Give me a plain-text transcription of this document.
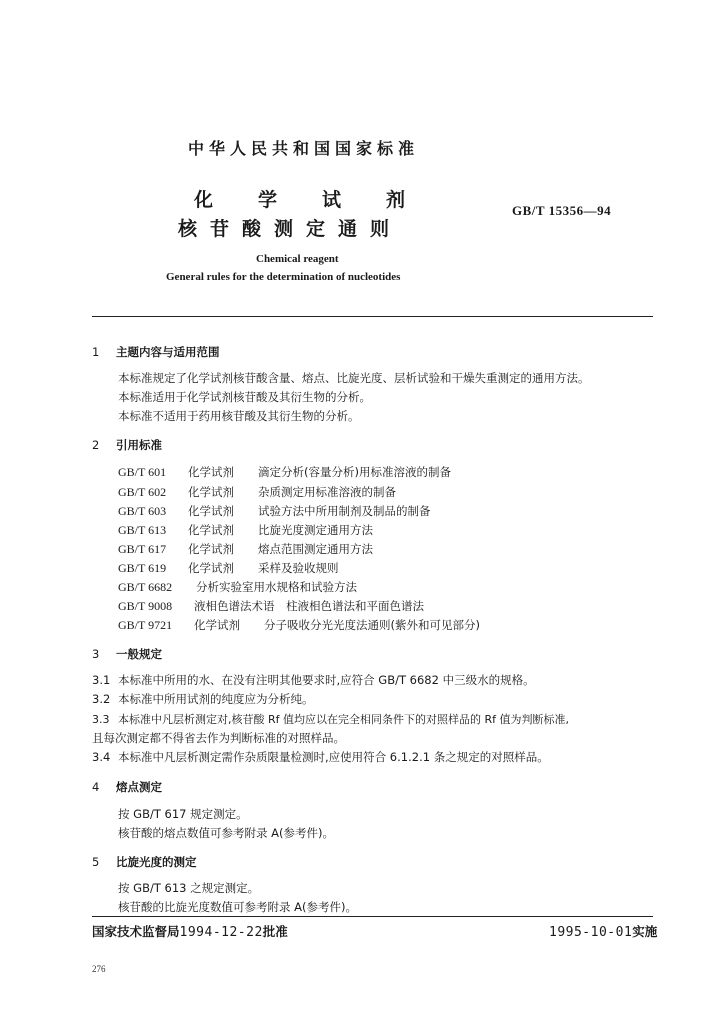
中华人民共和国国家标准
化 学 试 剂
核苷酸测定通则
GB/T 15356—94
Chemical reagent
General rules for the determination of nucleotides
1 主题内容与适用范围
本标准规定了化学试剂核苷酸含量、熔点、比旋光度、层析试验和干燥失重测定的通用方法。
本标准适用于化学试剂核苷酸及其衍生物的分析。
本标准不适用于药用核苷酸及其衍生物的分析。
2 引用标准
GB/T 601 化学试剂 滴定分析(容量分析)用标准溶液的制备
GB/T 602 化学试剂 杂质测定用标准溶液的制备
GB/T 603 化学试剂 试验方法中所用制剂及制品的制备
GB/T 613 化学试剂 比旋光度测定通用方法
GB/T 617 化学试剂 熔点范围测定通用方法
GB/T 619 化学试剂 采样及验收规则
GB/T 6682 分析实验室用水规格和试验方法
GB/T 9008 液相色谱法术语　柱液相色谱法和平面色谱法
GB/T 9721 化学试剂 分子吸收分光光度法通则(紫外和可见部分)
3 一般规定
3.1 本标准中所用的水、在没有注明其他要求时,应符合 GB/T 6682 中三级水的规格。
3.2 本标准中所用试剂的纯度应为分析纯。
3.3 本标准中凡层析测定对,核苷酸 Rf 值均应以在完全相同条件下的对照样品的 Rf 值为判断标准,
且每次测定都不得省去作为判断标准的对照样品。
3.4 本标准中凡层析测定需作杂质限量检测时,应使用符合 6.1.2.1 条之规定的对照样品。
4 熔点测定
按 GB/T 617 规定测定。
核苷酸的熔点数值可参考附录 A(参考件)。
5 比旋光度的测定
按 GB/T 613 之规定测定。
核苷酸的比旋光度数值可参考附录 A(参考件)。
国家技术监督局1994-12-22批准	1995-10-01实施
276
